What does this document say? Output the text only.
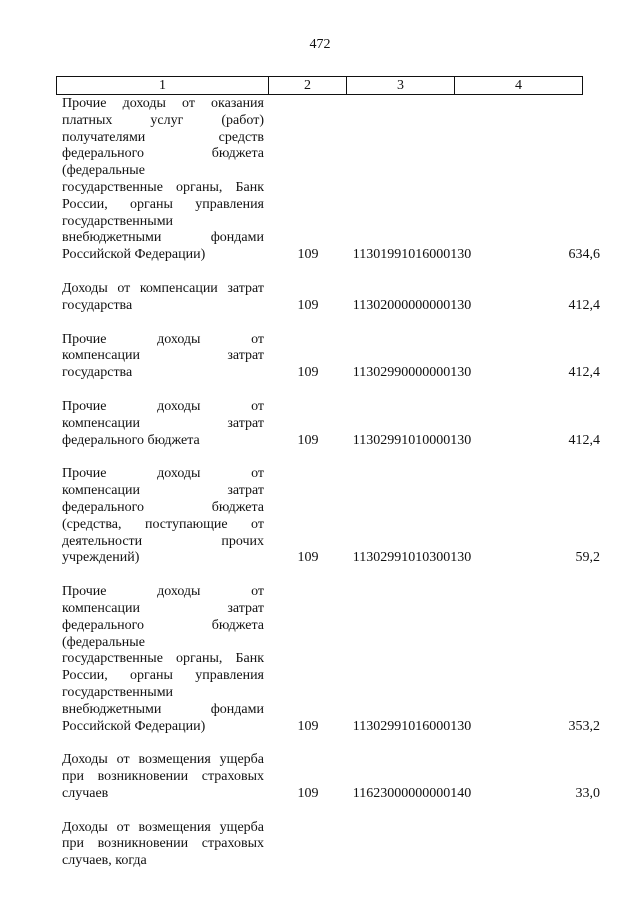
472
1	2	3	4
Прочие доходы от оказания
платных услуг (работ)
получателями средств
федерального бюджета
(федеральные
государственные органы, Банк
России, органы управления
государственными
внебюджетными фондами
Российской Федерации)	109	11301991016000130	634,6
Доходы от компенсации затрат
государства	109	11302000000000130	412,4
Прочие доходы от
компенсации затрат
государства	109	11302990000000130	412,4
Прочие доходы от
компенсации затрат
федерального бюджета	109	11302991010000130	412,4
Прочие доходы от
компенсации затрат
федерального бюджета
(средства, поступающие от
деятельности прочих
учреждений)	109	11302991010300130	59,2
Прочие доходы от
компенсации затрат
федерального бюджета
(федеральные
государственные органы, Банк
России, органы управления
государственными
внебюджетными фондами
Российской Федерации)	109	11302991016000130	353,2
Доходы от возмещения ущерба
при возникновении страховых
случаев	109	11623000000000140	33,0
Доходы от возмещения ущерба
при возникновении страховых
случаев, когда
